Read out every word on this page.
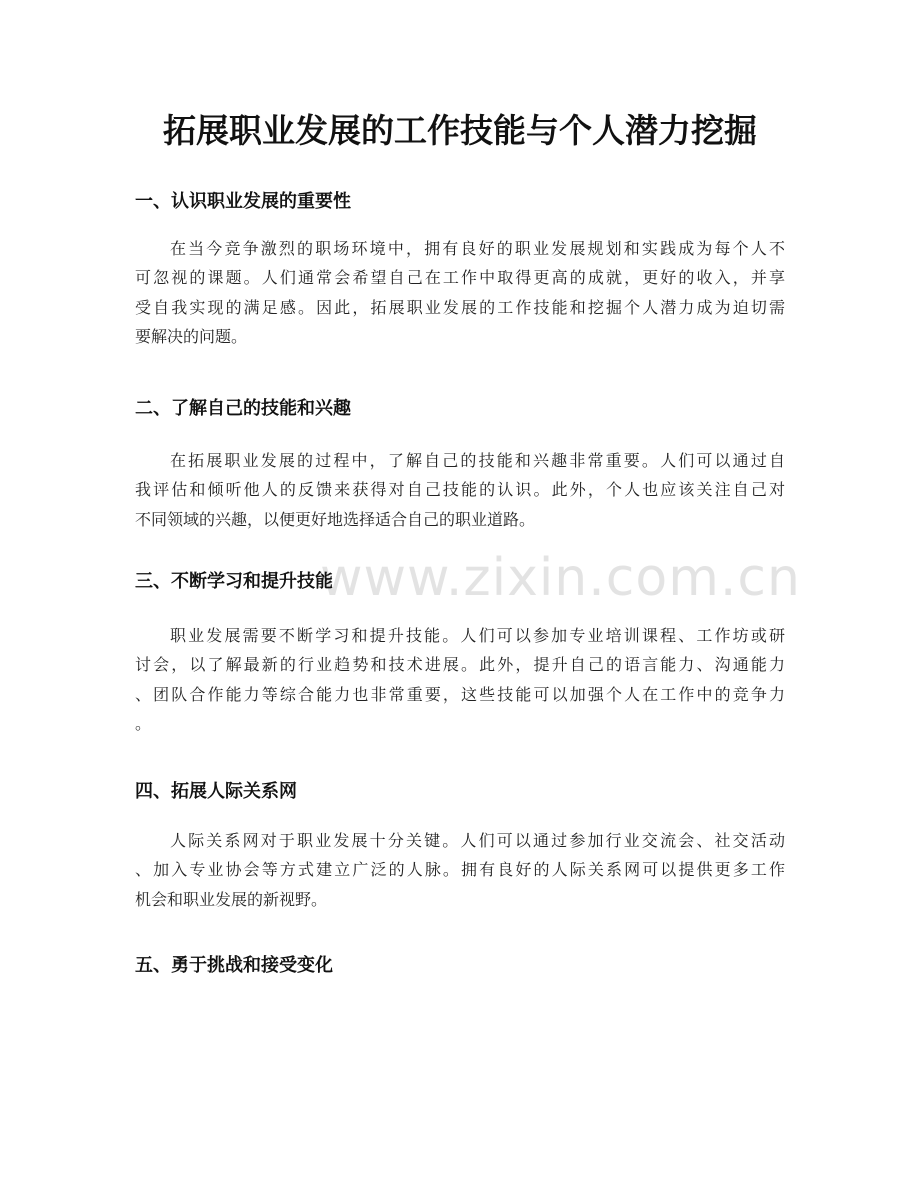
拓展职业发展的工作技能与个人潜力挖掘
www.zixin.com.cn
一、认识职业发展的重要性
在当今竞争激烈的职场环境中，拥有良好的职业发展规划和实践成为每个人不
可忽视的课题。人们通常会希望自己在工作中取得更高的成就，更好的收入，并享
受自我实现的满足感。因此，拓展职业发展的工作技能和挖掘个人潜力成为迫切需
要解决的问题。
二、了解自己的技能和兴趣
在拓展职业发展的过程中，了解自己的技能和兴趣非常重要。人们可以通过自
我评估和倾听他人的反馈来获得对自己技能的认识。此外，个人也应该关注自己对
不同领域的兴趣，以便更好地选择适合自己的职业道路。
三、不断学习和提升技能
职业发展需要不断学习和提升技能。人们可以参加专业培训课程、工作坊或研
讨会，以了解最新的行业趋势和技术进展。此外，提升自己的语言能力、沟通能力
、团队合作能力等综合能力也非常重要，这些技能可以加强个人在工作中的竞争力
。
四、拓展人际关系网
人际关系网对于职业发展十分关键。人们可以通过参加行业交流会、社交活动
、加入专业协会等方式建立广泛的人脉。拥有良好的人际关系网可以提供更多工作
机会和职业发展的新视野。
五、勇于挑战和接受变化
